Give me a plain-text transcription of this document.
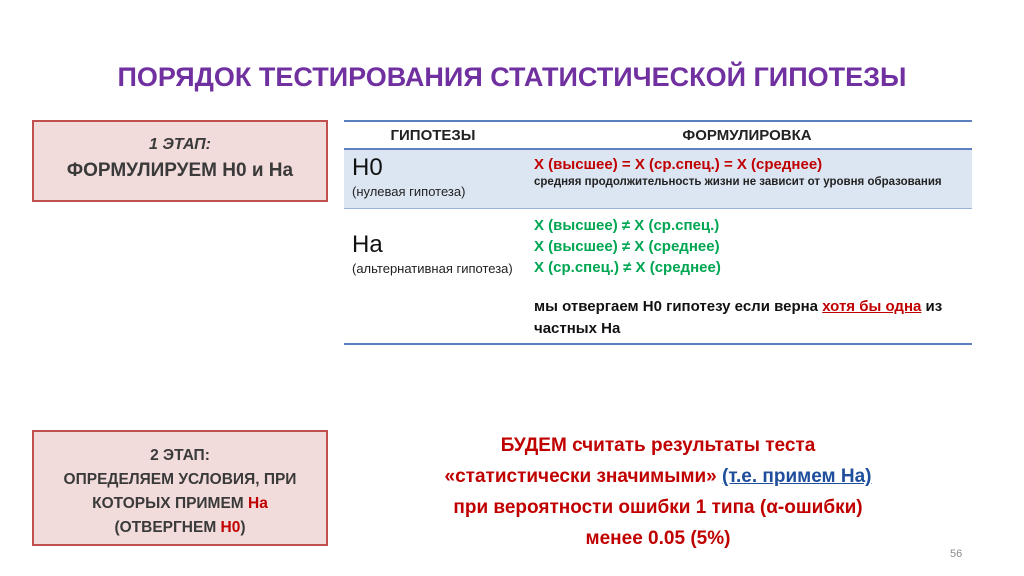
ПОРЯДОК ТЕСТИРОВАНИЯ СТАТИСТИЧЕСКОЙ ГИПОТЕЗЫ
1 ЭТАП:
ФОРМУЛИРУЕМ Н0 и На
ГИПОТЕЗЫ	ФОРМУЛИРОВКА
Н0
(нулевая гипотеза)
Х (высшее) = Х (ср.спец.) = Х (среднее)
средняя продолжительность жизни не зависит от уровня образования
На
(альтернативная гипотеза)
Х (высшее) ≠ Х (ср.спец.)
Х (высшее) ≠ Х (среднее)
Х (ср.спец.) ≠ Х (среднее)
мы отвергаем Н0 гипотезу если верна хотя бы одна из частных На
2 ЭТАП:
ОПРЕДЕЛЯЕМ УСЛОВИЯ, ПРИ
КОТОРЫХ ПРИМЕМ На
(ОТВЕРГНЕМ Н0)
БУДЕМ считать результаты теста
«статистически значимыми» (т.е. примем На)
при вероятности ошибки 1 типа (α-ошибки)
менее 0.05 (5%)
56
